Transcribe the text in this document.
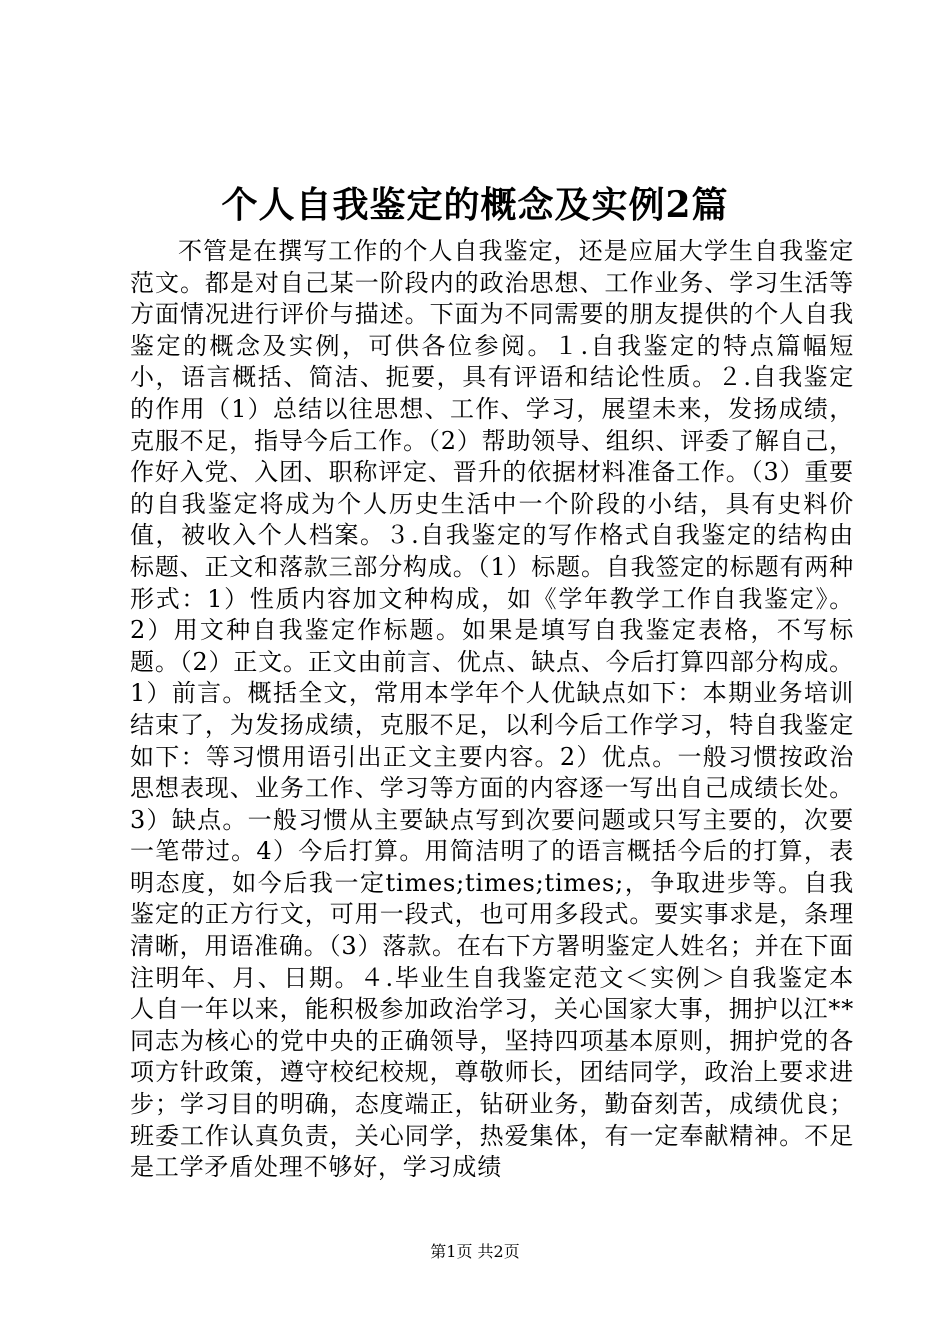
个人自我鉴定的概念及实例2篇

不管是在撰写工作的个人自我鉴定，还是应届大学生自我鉴定范文。都是对自己某一阶段内的政治思想、工作业务、学习生活等方面情况进行评价与描述。下面为不同需要的朋友提供的个人自我鉴定的概念及实例，可供各位参阅。１.自我鉴定的特点篇幅短小，语言概括、简洁、扼要，具有评语和结论性质。２.自我鉴定的作用（1）总结以往思想、工作、学习，展望未来，发扬成绩，克服不足，指导今后工作。（2）帮助领导、组织、评委了解自己，作好入党、入团、职称评定、晋升的依据材料准备工作。（3）重要的自我鉴定将成为个人历史生活中一个阶段的小结，具有史料价值，被收入个人档案。３.自我鉴定的写作格式自我鉴定的结构由标题、正文和落款三部分构成。（1）标题。自我签定的标题有两种形式：1）性质内容加文种构成，如《学年教学工作自我鉴定》。2）用文种自我鉴定作标题。如果是填写自我鉴定表格，不写标题。（2）正文。正文由前言、优点、缺点、今后打算四部分构成。1）前言。概括全文，常用本学年个人优缺点如下：本期业务培训结束了，为发扬成绩，克服不足，以利今后工作学习，特自我鉴定如下：等习惯用语引出正文主要内容。2）优点。一般习惯按政治思想表现、业务工作、学习等方面的内容逐一写出自己成绩长处。3）缺点。一般习惯从主要缺点写到次要问题或只写主要的，次要一笔带过。4）今后打算。用简洁明了的语言概括今后的打算，表明态度，如今后我一定times;times;times;，争取进步等。自我鉴定的正方行文，可用一段式，也可用多段式。要实事求是，条理清晰，用语准确。（3）落款。在右下方署明鉴定人姓名；并在下面注明年、月、日期。４.毕业生自我鉴定范文＜实例＞自我鉴定本人自一年以来，能积极参加政治学习，关心国家大事，拥护以江**同志为核心的党中央的正确领导，坚持四项基本原则，拥护党的各项方针政策，遵守校纪校规，尊敬师长，团结同学，政治上要求进步；学习目的明确，态度端正，钻研业务，勤奋刻苦，成绩优良；班委工作认真负责，关心同学，热爱集体，有一定奉献精神。不足是工学矛盾处理不够好，学习成绩

第1页 共2页
